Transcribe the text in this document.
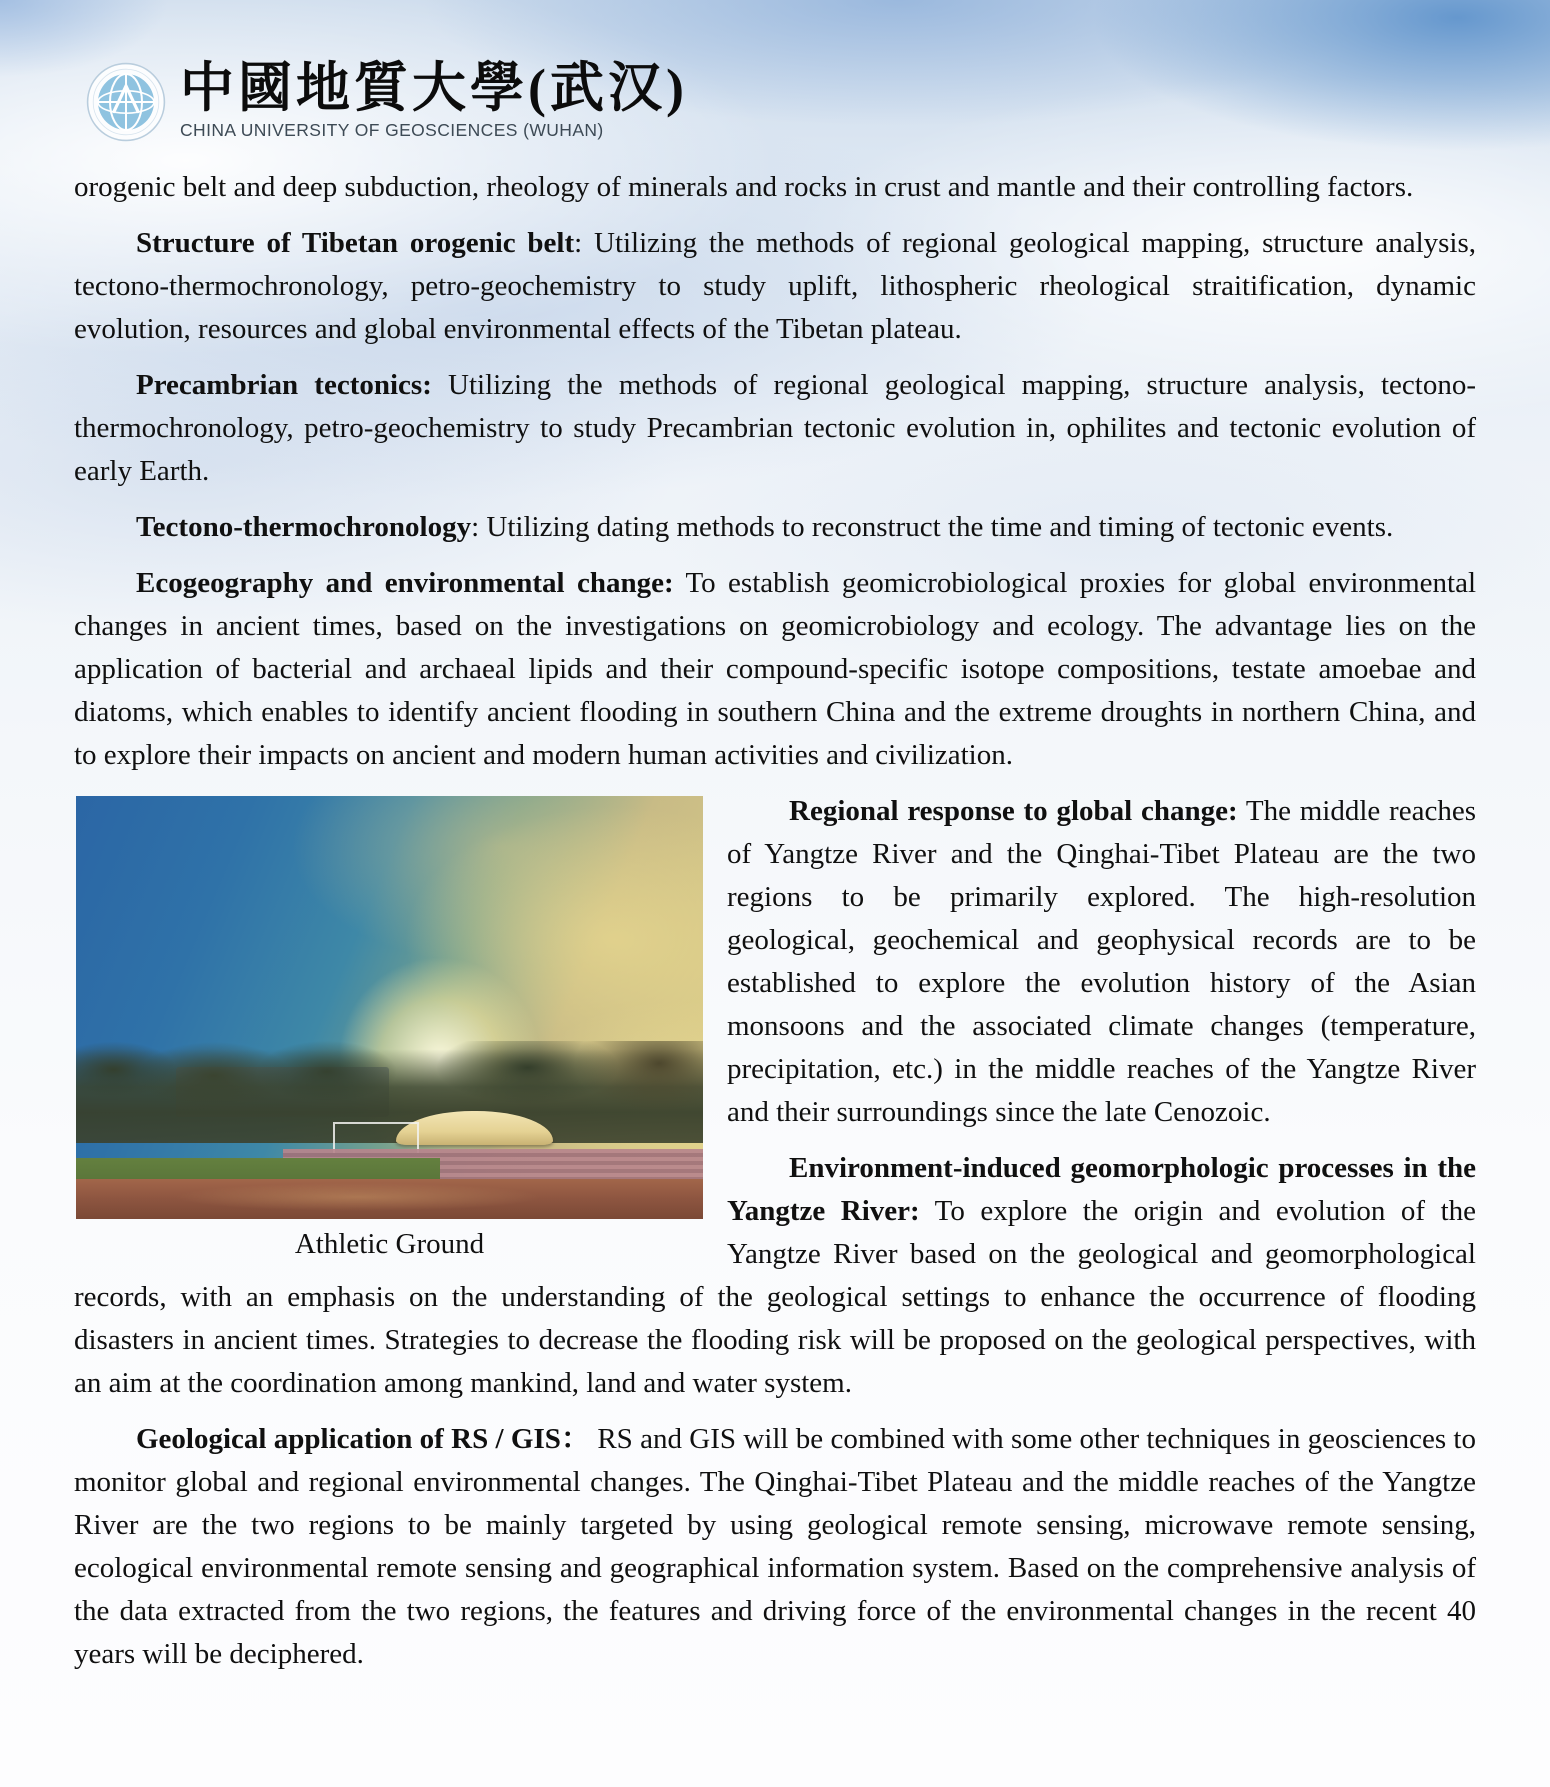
中國地質大學(武汉)
CHINA UNIVERSITY OF GEOSCIENCES (WUHAN)

orogenic belt and deep subduction, rheology of minerals and rocks in crust and mantle and their controlling factors.

Structure of Tibetan orogenic belt: Utilizing the methods of regional geological mapping, structure analysis, tectono-thermochronology, petro-geochemistry to study uplift, lithospheric rheological straitification, dynamic evolution, resources and global environmental effects of the Tibetan plateau.

Precambrian tectonics: Utilizing the methods of regional geological mapping, structure analysis, tectono-thermochronology, petro-geochemistry to study Precambrian tectonic evolution in, ophilites and tectonic evolution of early Earth.

Tectono-thermochronology: Utilizing dating methods to reconstruct the time and timing of tectonic events.

Ecogeography and environmental change: To establish geomicrobiological proxies for global environmental changes in ancient times, based on the investigations on geomicrobiology and ecology. The advantage lies on the application of bacterial and archaeal lipids and their compound-specific isotope compositions, testate amoebae and diatoms, which enables to identify ancient flooding in southern China and the extreme droughts in northern China, and to explore their impacts on ancient and modern human activities and civilization.

Athletic Ground

Regional response to global change: The middle reaches of Yangtze River and the Qinghai-Tibet Plateau are the two regions to be primarily explored. The high-resolution geological, geochemical and geophysical records are to be established to explore the evolution history of the Asian monsoons and the associated climate changes (temperature, precipitation, etc.) in the middle reaches of the Yangtze River and their surroundings since the late Cenozoic.

Environment-induced geomorphologic processes in the Yangtze River: To explore the origin and evolution of the Yangtze River based on the geological and geomorphological records, with an emphasis on the understanding of the geological settings to enhance the occurrence of flooding disasters in ancient times. Strategies to decrease the flooding risk will be proposed on the geological perspectives, with an aim at the coordination among mankind, land and water system.

Geological application of RS / GIS： RS and GIS will be combined with some other techniques in geosciences to monitor global and regional environmental changes. The Qinghai-Tibet Plateau and the middle reaches of the Yangtze River are the two regions to be mainly targeted by using geological remote sensing, microwave remote sensing, ecological environmental remote sensing and geographical information system. Based on the comprehensive analysis of the data extracted from the two regions, the features and driving force of the environmental changes in the recent 40 years will be deciphered.
